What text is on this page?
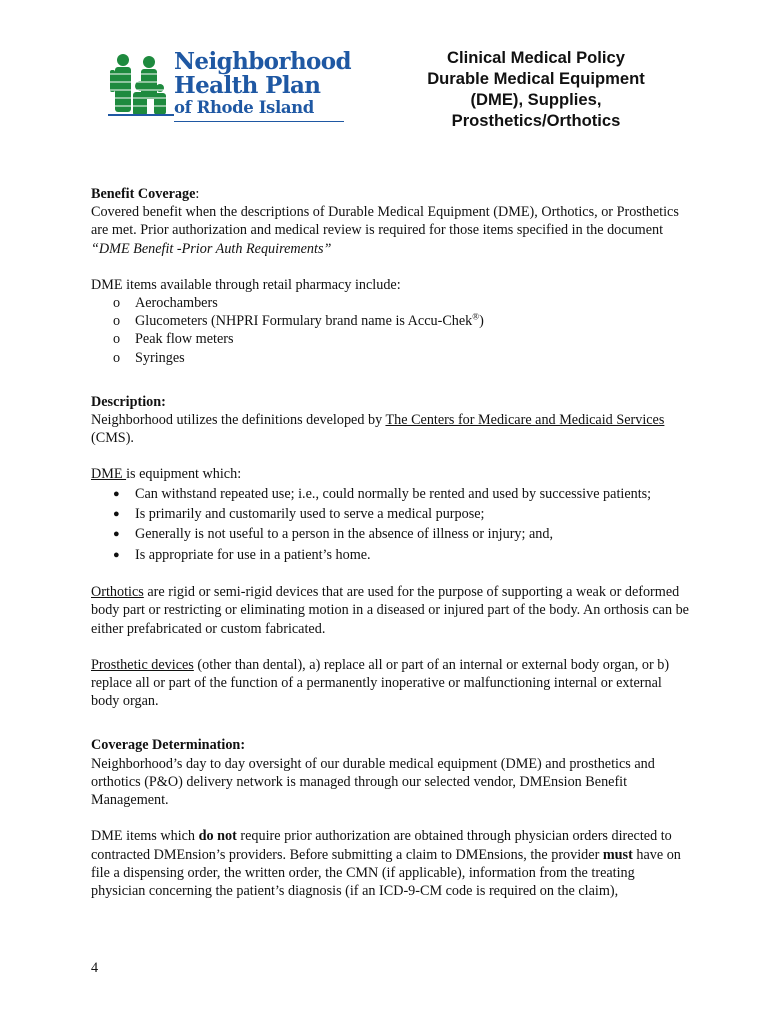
Neighborhood
Health Plan
of Rhode Island
Clinical Medical Policy
Durable Medical Equipment
(DME), Supplies,
Prosthetics/Orthotics

Benefit Coverage:

Covered benefit when the descriptions of Durable Medical Equipment (DME), Orthotics, or Prosthetics are met. Prior authorization and medical review is required for those items specified in the document “DME Benefit -Prior Auth Requirements”

DME items available through retail pharmacy include:

o Aerochambers
o Glucometers (NHPRI Formulary brand name is Accu-Chek®)
o Peak flow meters
o Syringes

Description:

Neighborhood utilizes the definitions developed by The Centers for Medicare and Medicaid Services (CMS).

DME is equipment which:

● Can withstand repeated use; i.e., could normally be rented and used by successive patients;
● Is primarily and customarily used to serve a medical purpose;
● Generally is not useful to a person in the absence of illness or injury; and,
● Is appropriate for use in a patient’s home.

Orthotics are rigid or semi-rigid devices that are used for the purpose of supporting a weak or deformed body part or restricting or eliminating motion in a diseased or injured part of the body. An orthosis can be either prefabricated or custom fabricated.

Prosthetic devices (other than dental), a) replace all or part of an internal or external body organ, or b) replace all or part of the function of a permanently inoperative or malfunctioning internal or external body organ.

Coverage Determination:

Neighborhood’s day to day oversight of our durable medical equipment (DME) and prosthetics and orthotics (P&O) delivery network is managed through our selected vendor, DMEnsion Benefit Management.

DME items which do not require prior authorization are obtained through physician orders directed to contracted DMEnsion’s providers. Before submitting a claim to DMEnsions, the provider must have on file a dispensing order, the written order, the CMN (if applicable), information from the treating physician concerning the patient’s diagnosis (if an ICD-9-CM code is required on the claim),

4
